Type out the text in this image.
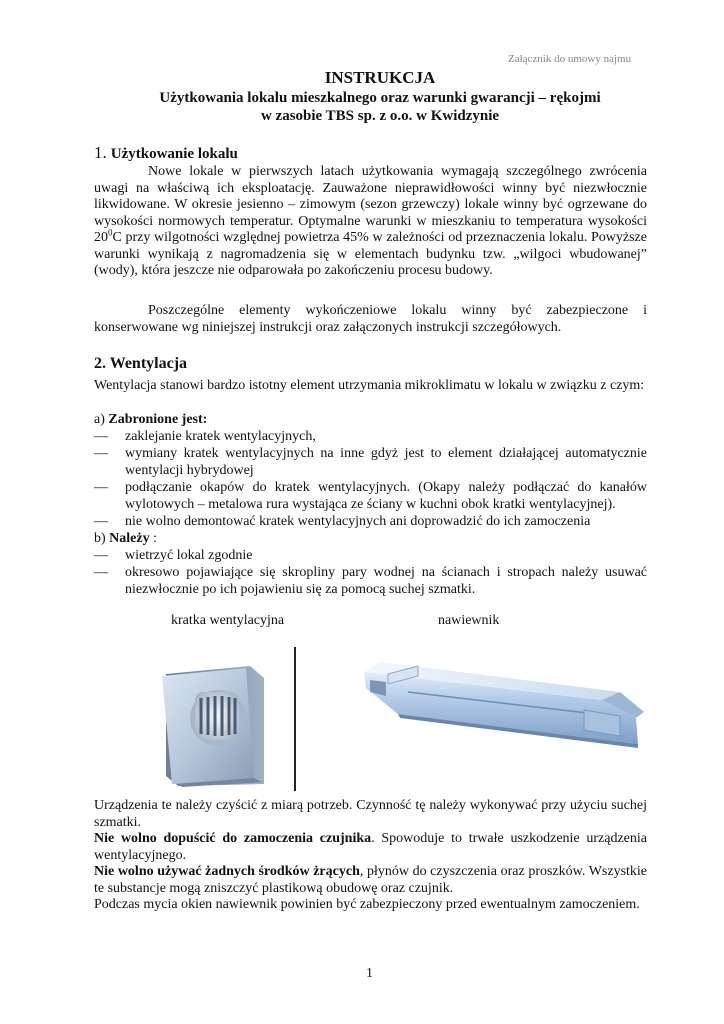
Załącznik do umowy najmu
INSTRUKCJA
Użytkowania lokalu mieszkalnego oraz warunki gwarancji – rękojmi
w zasobie TBS sp. z o.o. w Kwidzynie
1. Użytkowanie lokalu
Nowe lokale w pierwszych latach użytkowania wymagają szczególnego zwrócenia uwagi na właściwą ich eksploatację. Zauważone nieprawidłowości winny być niezwłocznie likwidowane. W okresie jesienno – zimowym (sezon grzewczy) lokale winny być ogrzewane do wysokości normowych temperatur. Optymalne warunki w mieszkaniu to temperatura wysokości $20^0C$ przy wilgotności względnej powietrza 45% w zależności od przeznaczenia lokalu. Powyższe warunki wynikają z nagromadzenia się w elementach budynku tzw. „wilgoci wbudowanej” (wody), która jeszcze nie odparowała po zakończeniu procesu budowy.
Poszczególne elementy wykończeniowe lokalu winny być zabezpieczone i konserwowane wg niniejszej instrukcji oraz załączonych instrukcji szczegółowych.
2. Wentylacja
Wentylacja stanowi bardzo istotny element utrzymania mikroklimatu w lokalu w związku z czym:
a) Zabronione jest:
— zaklejanie kratek wentylacyjnych,
— wymiany kratek wentylacyjnych na inne gdyż jest to element działającej automatycznie wentylacji hybrydowej
— podłączanie okapów do kratek wentylacyjnych. (Okapy należy podłączać do kanałów wylotowych – metalowa rura wystająca ze ściany w kuchni obok kratki wentylacyjnej).
— nie wolno demontować kratek wentylacyjnych ani doprowadzić do ich zamoczenia
b) Należy :
— wietrzyć lokal zgodnie
— okresowo pojawiające się skropliny pary wodnej na ścianach i stropach należy usuwać niezwłocznie po ich pojawieniu się za pomocą suchej szmatki.
kratka wentylacyjna	nawiewnik
Urządzenia te należy czyścić z miarą potrzeb. Czynność tę należy wykonywać przy użyciu suchej szmatki.
Nie wolno dopuścić do zamoczenia czujnika. Spowoduje to trwałe uszkodzenie urządzenia wentylacyjnego.
Nie wolno używać żadnych środków żrących, płynów do czyszczenia oraz proszków. Wszystkie te substancje mogą zniszczyć plastikową obudowę oraz czujnik.
Podczas mycia okien nawiewnik powinien być zabezpieczony przed ewentualnym zamoczeniem.
1
